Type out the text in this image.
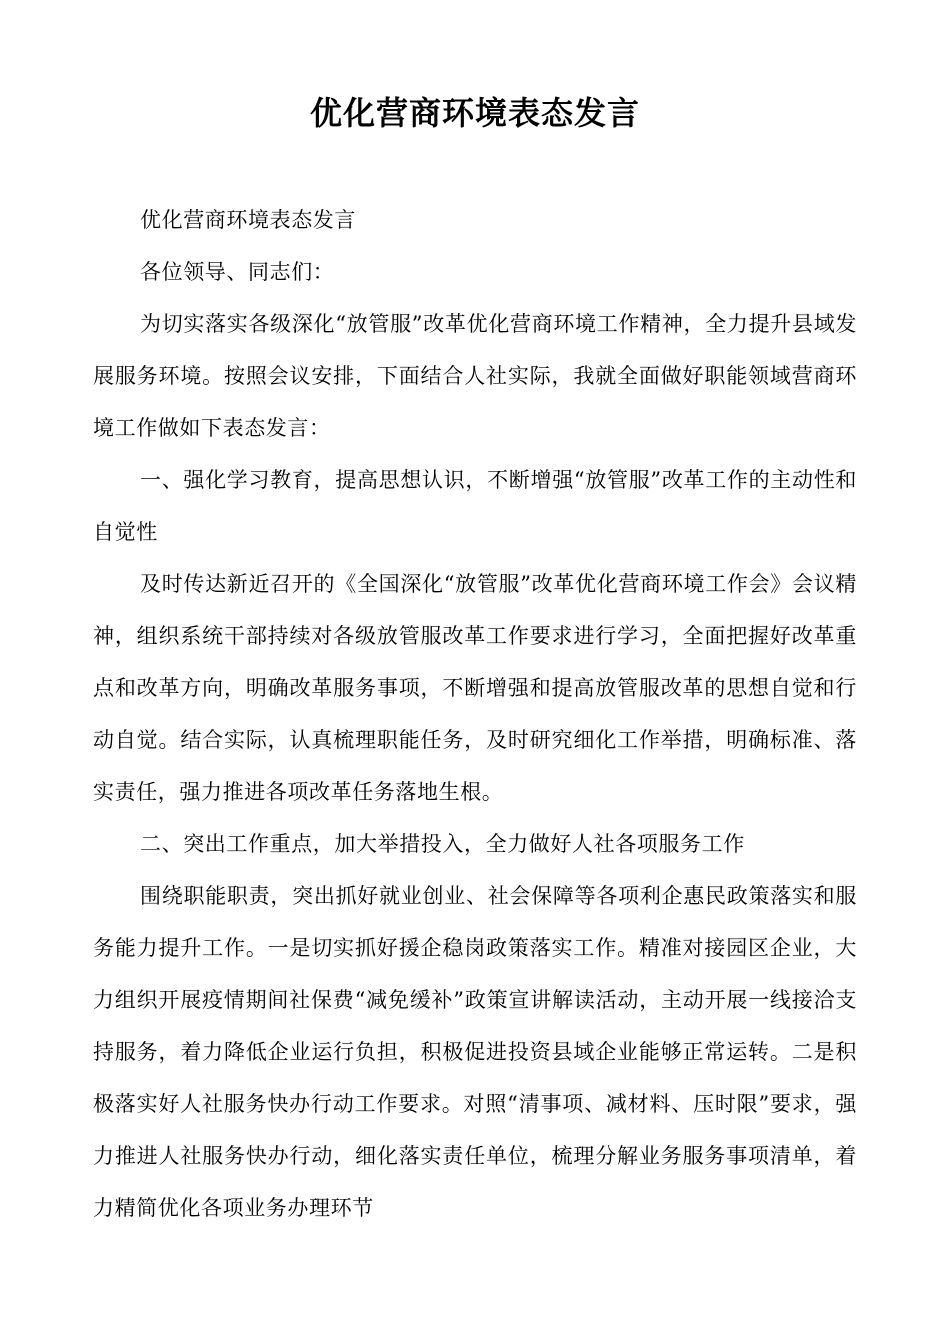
优化营商环境表态发言

优化营商环境表态发言

各位领导、同志们：

为切实落实各级深化“放管服”改革优化营商环境工作精神，全力提升县域发展服务环境。按照会议安排，下面结合人社实际，我就全面做好职能领域营商环境工作做如下表态发言：

一、强化学习教育，提高思想认识，不断增强“放管服”改革工作的主动性和自觉性

及时传达新近召开的《全国深化“放管服”改革优化营商环境工作会》会议精神，组织系统干部持续对各级放管服改革工作要求进行学习，全面把握好改革重点和改革方向，明确改革服务事项，不断增强和提高放管服改革的思想自觉和行动自觉。结合实际，认真梳理职能任务，及时研究细化工作举措，明确标准、落实责任，强力推进各项改革任务落地生根。

二、突出工作重点，加大举措投入，全力做好人社各项服务工作

围绕职能职责，突出抓好就业创业、社会保障等各项利企惠民政策落实和服务能力提升工作。一是切实抓好援企稳岗政策落实工作。精准对接园区企业，大力组织开展疫情期间社保费“减免缓补”政策宣讲解读活动，主动开展一线接洽支持服务，着力降低企业运行负担，积极促进投资县域企业能够正常运转。二是积极落实好人社服务快办行动工作要求。对照“清事项、减材料、压时限”要求，强力推进人社服务快办行动，细化落实责任单位，梳理分解业务服务事项清单，着力精简优化各项业务办理环节
